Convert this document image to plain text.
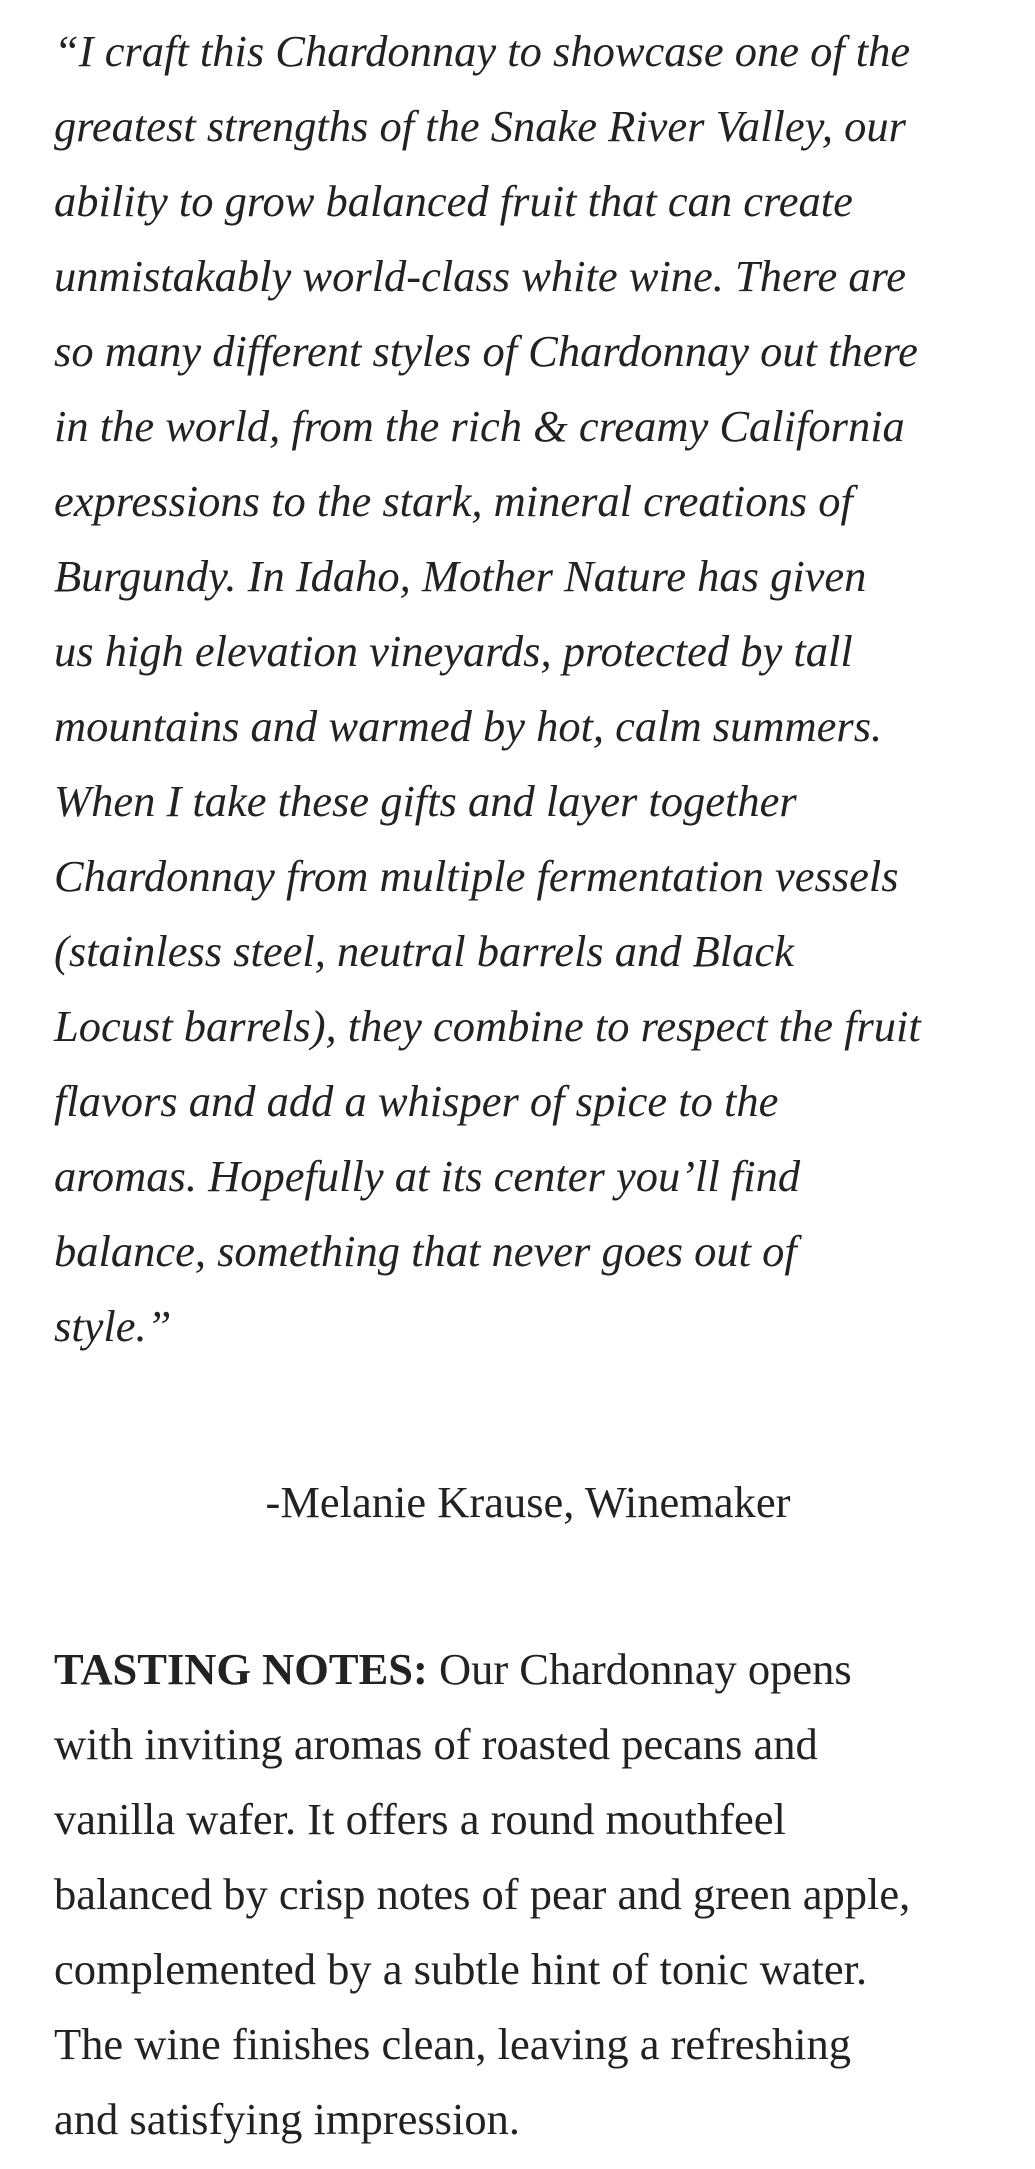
“I craft this Chardonnay to showcase one of the
greatest strengths of the Snake River Valley, our
ability to grow balanced fruit that can create
unmistakably world-class white wine. There are
so many different styles of Chardonnay out there
in the world, from the rich & creamy California
expressions to the stark, mineral creations of
Burgundy. In Idaho, Mother Nature has given
us high elevation vineyards, protected by tall
mountains and warmed by hot, calm summers.
When I take these gifts and layer together
Chardonnay from multiple fermentation vessels
(stainless steel, neutral barrels and Black
Locust barrels), they combine to respect the fruit
flavors and add a whisper of spice to the
aromas. Hopefully at its center you’ll find
balance, something that never goes out of
style.”

-Melanie Krause, Winemaker

TASTING NOTES: Our Chardonnay opens
with inviting aromas of roasted pecans and
vanilla wafer. It offers a round mouthfeel
balanced by crisp notes of pear and green apple,
complemented by a subtle hint of tonic water.
The wine finishes clean, leaving a refreshing
and satisfying impression.
